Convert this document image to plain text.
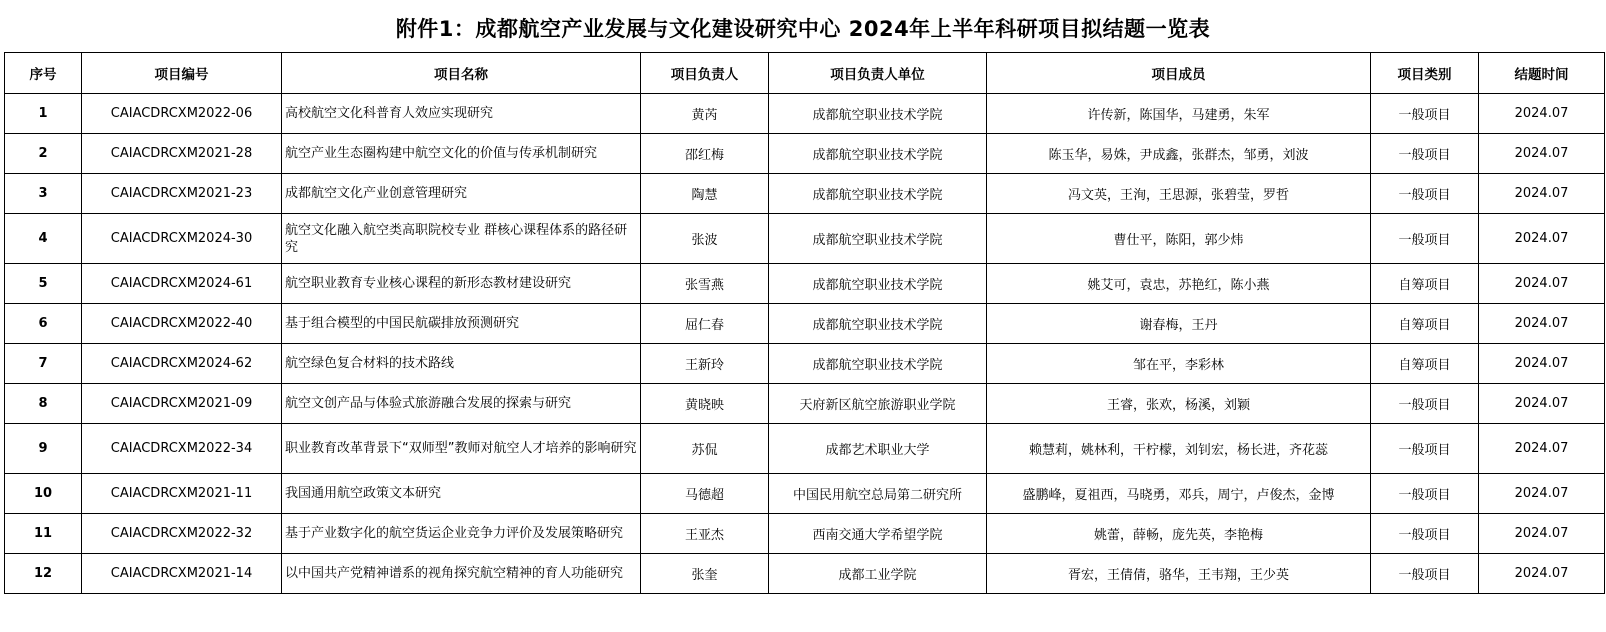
附件1：成都航空产业发展与文化建设研究中心 2024年上半年科研项目拟结题一览表
序号	项目编号	项目名称	项目负责人	项目负责人单位	项目成员	项目类别	结题时间
1	CAIACDRCXM2022-06	高校航空文化科普育人效应实现研究	黄芮	成都航空职业技术学院	许传新，陈国华，马建勇，朱军	一般项目	2024.07
2	CAIACDRCXM2021-28	航空产业生态圈构建中航空文化的价值与传承机制研究	邵红梅	成都航空职业技术学院	陈玉华，易姝，尹成鑫，张群杰，邹勇，刘波	一般项目	2024.07
3	CAIACDRCXM2021-23	成都航空文化产业创意管理研究	陶慧	成都航空职业技术学院	冯文英，王洵，王思源，张碧莹，罗哲	一般项目	2024.07
4	CAIACDRCXM2024-30	航空文化融入航空类高职院校专业 群核心课程体系的路径研究	张波	成都航空职业技术学院	曹仕平，陈阳，郭少炜	一般项目	2024.07
5	CAIACDRCXM2024-61	航空职业教育专业核心课程的新形态教材建设研究	张雪燕	成都航空职业技术学院	姚艾可，袁忠，苏艳红，陈小燕	自筹项目	2024.07
6	CAIACDRCXM2022-40	基于组合模型的中国民航碳排放预测研究	屈仁春	成都航空职业技术学院	谢春梅，王丹	自筹项目	2024.07
7	CAIACDRCXM2024-62	航空绿色复合材料的技术路线	王新玲	成都航空职业技术学院	邹在平，李彩林	自筹项目	2024.07
8	CAIACDRCXM2021-09	航空文创产品与体验式旅游融合发展的探索与研究	黄晓映	天府新区航空旅游职业学院	王睿，张欢，杨溪，刘颖	一般项目	2024.07
9	CAIACDRCXM2022-34	职业教育改革背景下“双师型”教师对航空人才培养的影响研究	苏侃	成都艺术职业大学	赖慧莉，姚林利，干柠檬，刘钊宏，杨长进，齐花蕊	一般项目	2024.07
10	CAIACDRCXM2021-11	我国通用航空政策文本研究	马德超	中国民用航空总局第二研究所	盛鹏峰，夏祖西，马晓勇，邓兵，周宁，卢俊杰，金博	一般项目	2024.07
11	CAIACDRCXM2022-32	基于产业数字化的航空货运企业竞争力评价及发展策略研究	王亚杰	西南交通大学希望学院	姚蕾，薛畅，庞先英，李艳梅	一般项目	2024.07
12	CAIACDRCXM2021-14	以中国共产党精神谱系的视角探究航空精神的育人功能研究	张奎	成都工业学院	胥宏，王倩倩，骆华，王韦翔，王少英	一般项目	2024.07
